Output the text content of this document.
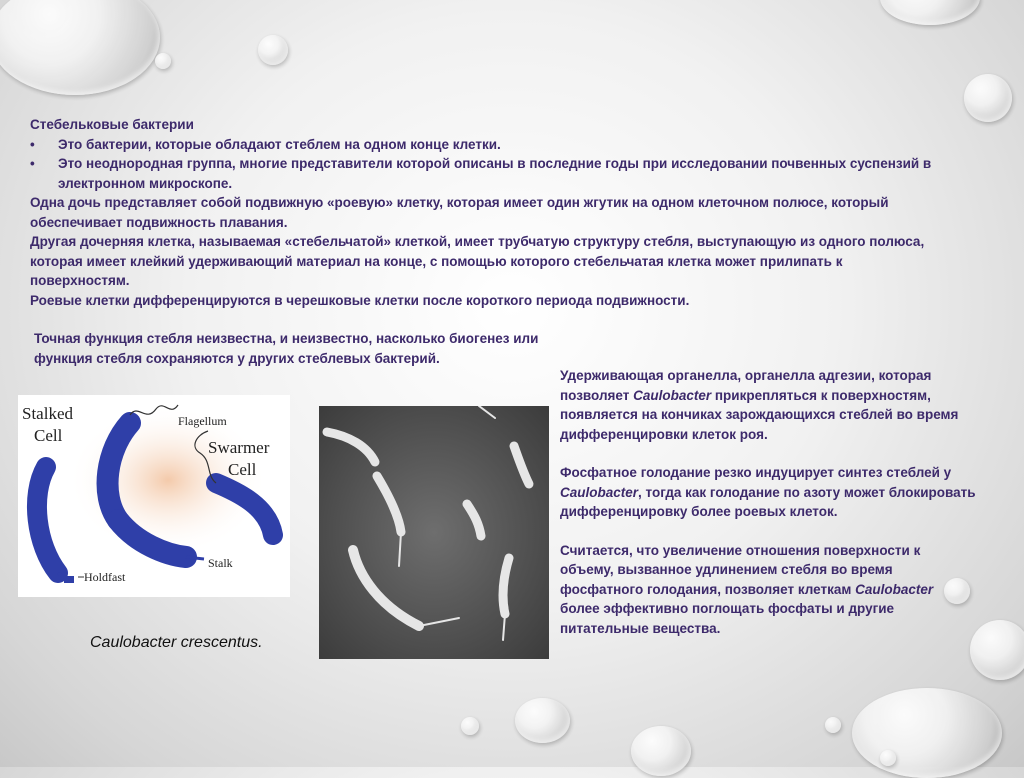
Стебельковые бактерии

• Это бактерии, которые обладают стеблем на одном конце клетки.

• Это неоднородная группа, многие представители которой описаны в последние годы при исследовании почвенных суспензий в электронном микроскопе.

Одна дочь представляет собой подвижную «роевую» клетку, которая имеет один жгутик на одном клеточном полюсе, который обеспечивает подвижность плавания.

Другая дочерняя клетка, называемая «стебельчатой» клеткой, имеет трубчатую структуру стебля, выступающую из одного полюса, которая имеет клейкий удерживающий материал на конце, с помощью которого стебельчатая клетка может прилипать к поверхностям.

Роевые клетки дифференцируются в черешковые клетки после короткого периода подвижности.

Точная функция стебля неизвестна, и неизвестно, насколько биогенез или

функция стебля сохраняются у других стеблевых бактерий.

Удерживающая органелла, органелла адгезии, которая позволяет Caulobacter прикрепляться к поверхностям, появляется на кончиках зарождающихся стеблей во время дифференцировки клеток роя.

Фосфатное голодание резко индуцирует синтез стеблей у Caulobacter, тогда как голодание по азоту может блокировать дифференцировку более роевых клеток.

Считается, что увеличение отношения поверхности к объему, вызванное удлинением стебля во время фосфатного голодания, позволяет клеткам Caulobacter более эффективно поглощать фосфаты и другие питательные вещества.

Stalked
Cell
Flagellum
Swarmer
Cell
Stalk
Holdfast
Caulobacter crescentus.
